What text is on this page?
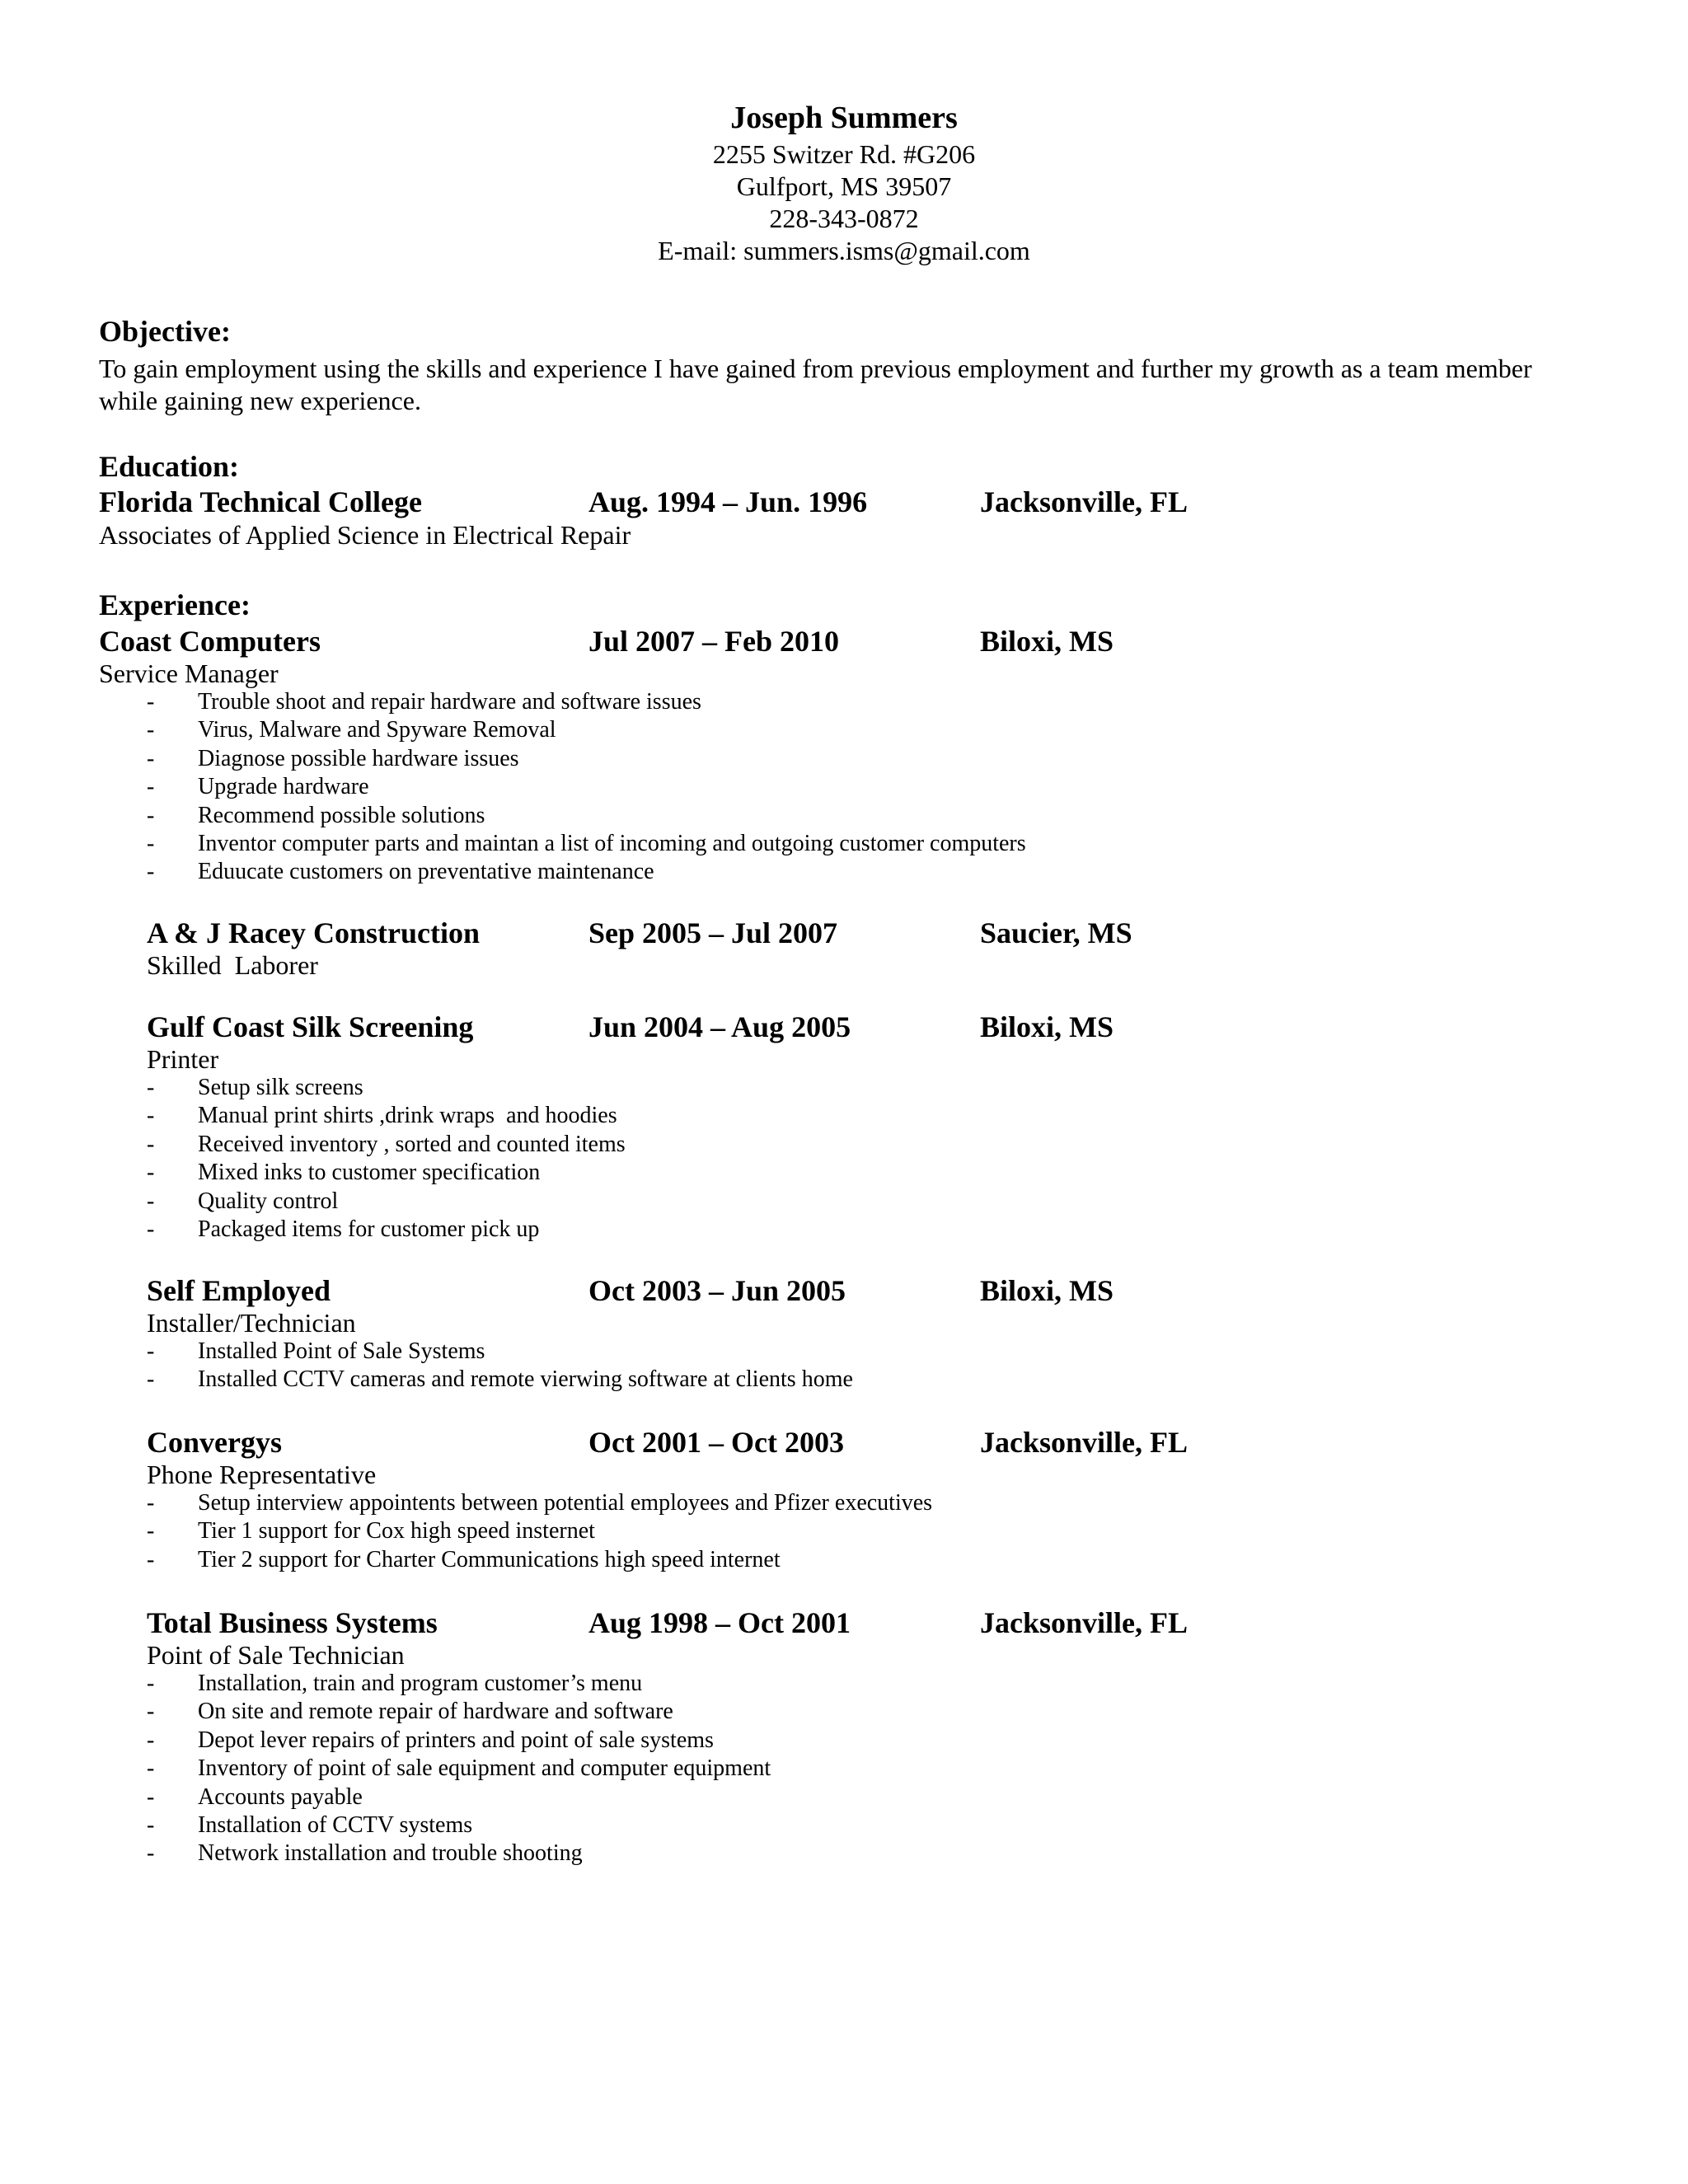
Joseph Summers
2255 Switzer Rd. #G206
Gulfport, MS 39507
228-343-0872
E-mail: summers.isms@gmail.com
Objective:
To gain employment using the skills and experience I have gained from previous employment and further my growth as a team member while gaining new experience.
Education:
Florida Technical College	Aug. 1994 – Jun. 1996	Jacksonville, FL
Associates of Applied Science in Electrical Repair
Experience:
Coast Computers	Jul 2007 – Feb 2010	Biloxi, MS
Service Manager
- Trouble shoot and repair hardware and software issues
- Virus, Malware and Spyware Removal
- Diagnose possible hardware issues
- Upgrade hardware
- Recommend possible solutions
- Inventor computer parts and maintan a list of incoming and outgoing customer computers
- Eduucate customers on preventative maintenance
A & J Racey Construction	Sep 2005 – Jul 2007	Saucier, MS
Skilled  Laborer
Gulf Coast Silk Screening	Jun 2004 – Aug 2005	Biloxi, MS
Printer
- Setup silk screens
- Manual print shirts ,drink wraps  and hoodies
- Received inventory , sorted and counted items
- Mixed inks to customer specification
- Quality control
- Packaged items for customer pick up
Self Employed	Oct 2003 – Jun 2005	Biloxi, MS
Installer/Technician
- Installed Point of Sale Systems
- Installed CCTV cameras and remote vierwing software at clients home
Convergys	Oct 2001 – Oct 2003	Jacksonville, FL
Phone Representative
- Setup interview appointents between potential employees and Pfizer executives
- Tier 1 support for Cox high speed insternet
- Tier 2 support for Charter Communications high speed internet
Total Business Systems	Aug 1998 – Oct 2001	Jacksonville, FL
Point of Sale Technician
- Installation, train and program customer’s menu
- On site and remote repair of hardware and software
- Depot lever repairs of printers and point of sale systems
- Inventory of point of sale equipment and computer equipment
- Accounts payable
- Installation of CCTV systems
- Network installation and trouble shooting
